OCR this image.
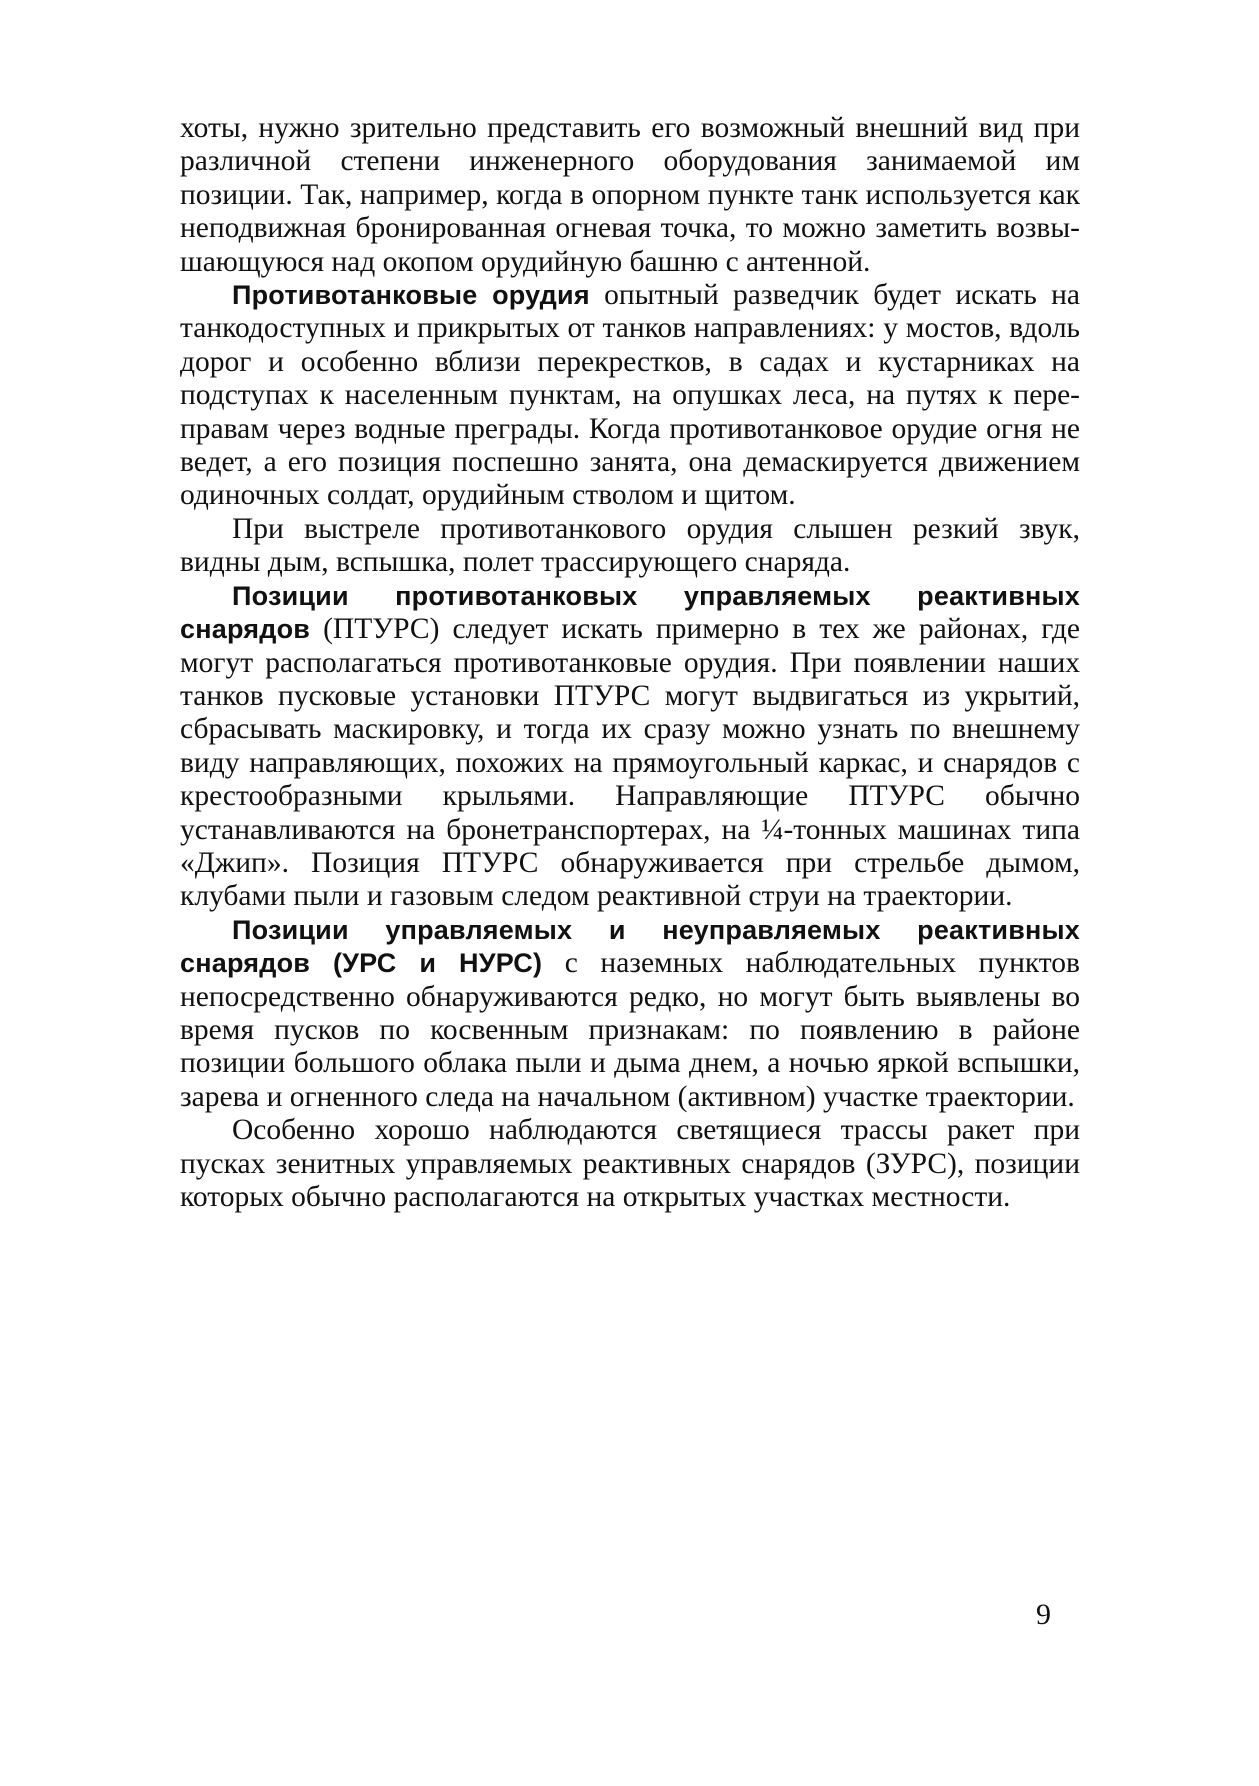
хоты, нужно зрительно представить его возможный внешний вид при различной степени инженерного оборудования занимаемой им позиции. Так, например, когда в опорном пункте танк используется как неподвижная бронированная огневая точка, то можно заметить возвышающуюся над окопом орудийную башню с антенной.

Противотанковые орудия опытный разведчик будет искать на танкодоступных и прикрытых от танков направлениях: у мостов, вдоль дорог и особенно вблизи перекрестков, в садах и кустарниках на подступах к населенным пунктам, на опушках леса, на путях к переправам через водные преграды. Когда противотанковое орудие огня не ведет, а его позиция поспешно занята, она демаскируется движением одиночных солдат, орудийным стволом и щитом.

При выстреле противотанкового орудия слышен резкий звук, видны дым, вспышка, полет трассирующего снаряда.

Позиции противотанковых управляемых реактивных снарядов (ПТУРС) следует искать примерно в тех же районах, где могут располагаться противотанковые орудия. При появлении наших танков пусковые установки ПТУРС могут выдвигаться из укрытий, сбрасывать маскировку, и тогда их сразу можно узнать по внешнему виду направляющих, похожих на прямоугольный каркас, и снарядов с крестообразными крыльями. Направляющие ПТУРС обычно устанавливаются на бронетранспортерах, на ¼-тонных машинах типа «Джип». Позиция ПТУРС обнаруживается при стрельбе дымом, клубами пыли и газовым следом реактивной струи на траектории.

Позиции управляемых и неуправляемых реактивных снарядов (УРС и НУРС) с наземных наблюдательных пунктов непосредственно обнаруживаются редко, но могут быть выявлены во время пусков по косвенным признакам: по появлению в районе позиции большого облака пыли и дыма днем, а ночью яркой вспышки, зарева и огненного следа на начальном (активном) участке траектории.

Особенно хорошо наблюдаются светящиеся трассы ракет при пусках зенитных управляемых реактивных снарядов (ЗУРС), позиции которых обычно располагаются на открытых участках местности.

9
